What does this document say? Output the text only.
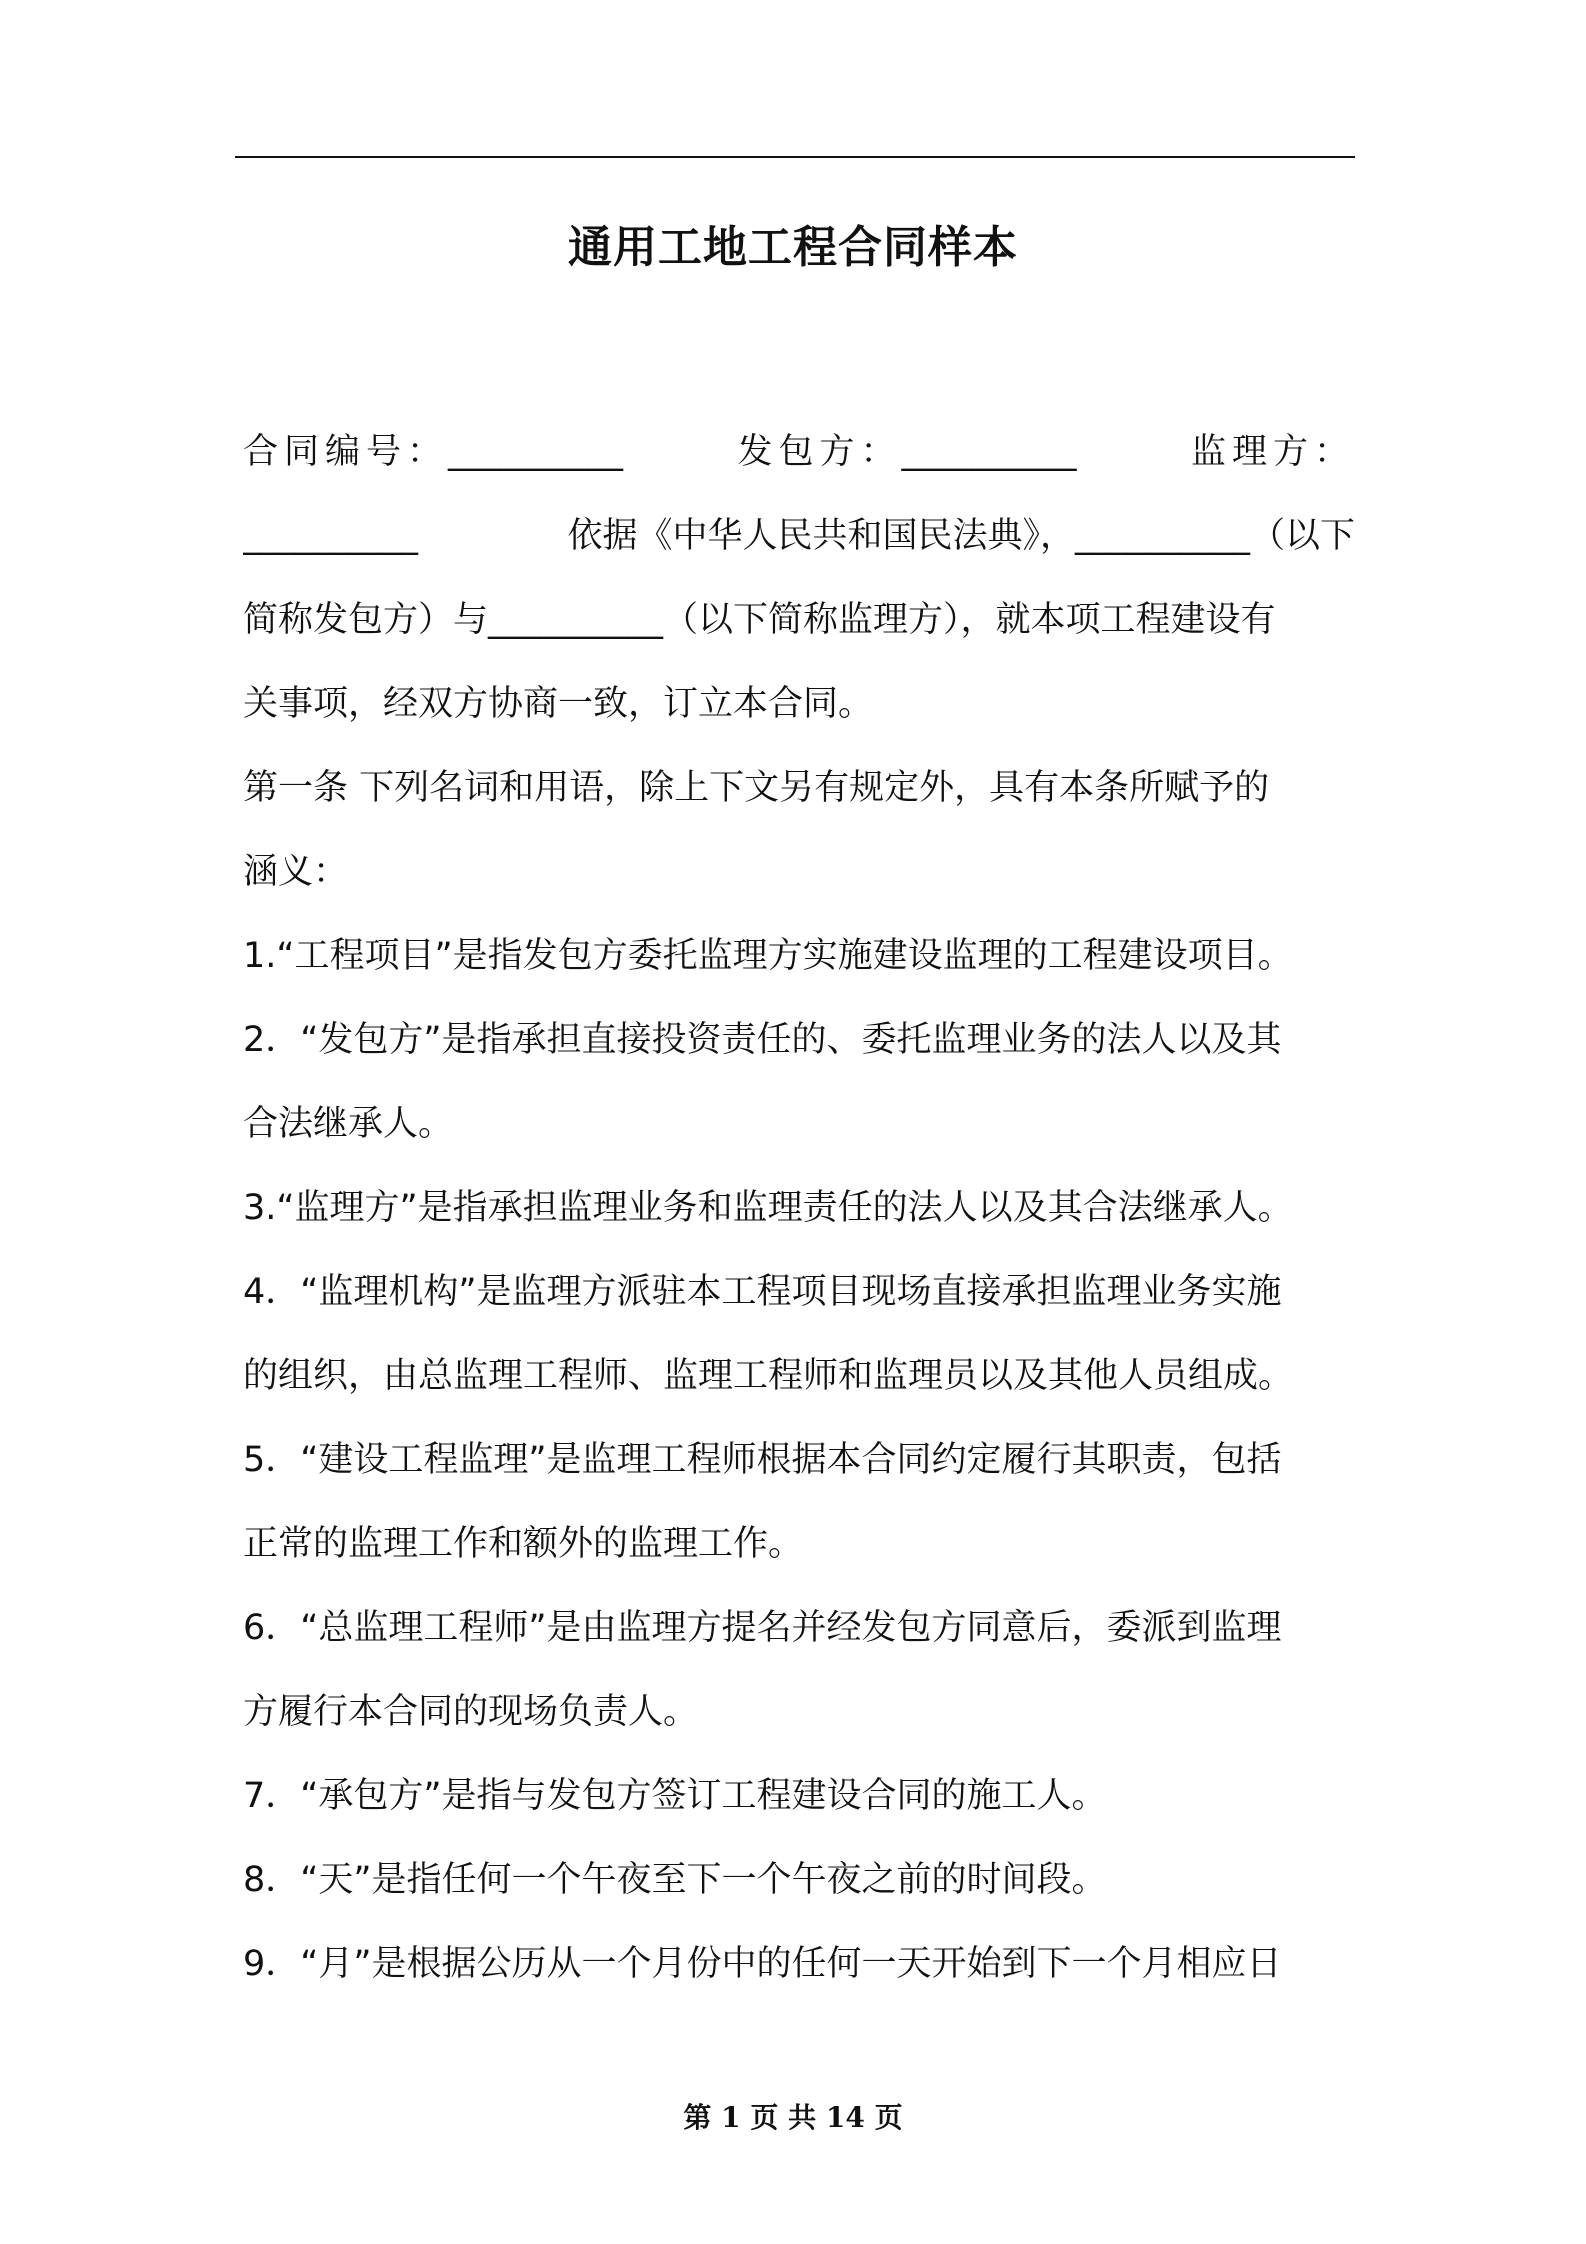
通用工地工程合同样本
合同编号：__________	发包方：__________	监理方：
__________	依据《中华人民共和国民法典》，__________（以下
简称发包方）与__________（以下简称监理方），就本项工程建设有
关事项，经双方协商一致，订立本合同。
第一条 下列名词和用语，除上下文另有规定外，具有本条所赋予的
涵义：
1.“工程项目”是指发包方委托监理方实施建设监理的工程建设项目。
2．“发包方”是指承担直接投资责任的、委托监理业务的法人以及其
合法继承人。
3.“监理方”是指承担监理业务和监理责任的法人以及其合法继承人。
4．“监理机构”是监理方派驻本工程项目现场直接承担监理业务实施
的组织，由总监理工程师、监理工程师和监理员以及其他人员组成。
5．“建设工程监理”是监理工程师根据本合同约定履行其职责，包括
正常的监理工作和额外的监理工作。
6．“总监理工程师”是由监理方提名并经发包方同意后，委派到监理
方履行本合同的现场负责人。
7．“承包方”是指与发包方签订工程建设合同的施工人。
8．“天”是指任何一个午夜至下一个午夜之前的时间段。
9．“月”是根据公历从一个月份中的任何一天开始到下一个月相应日
第 1 页 共 14 页
